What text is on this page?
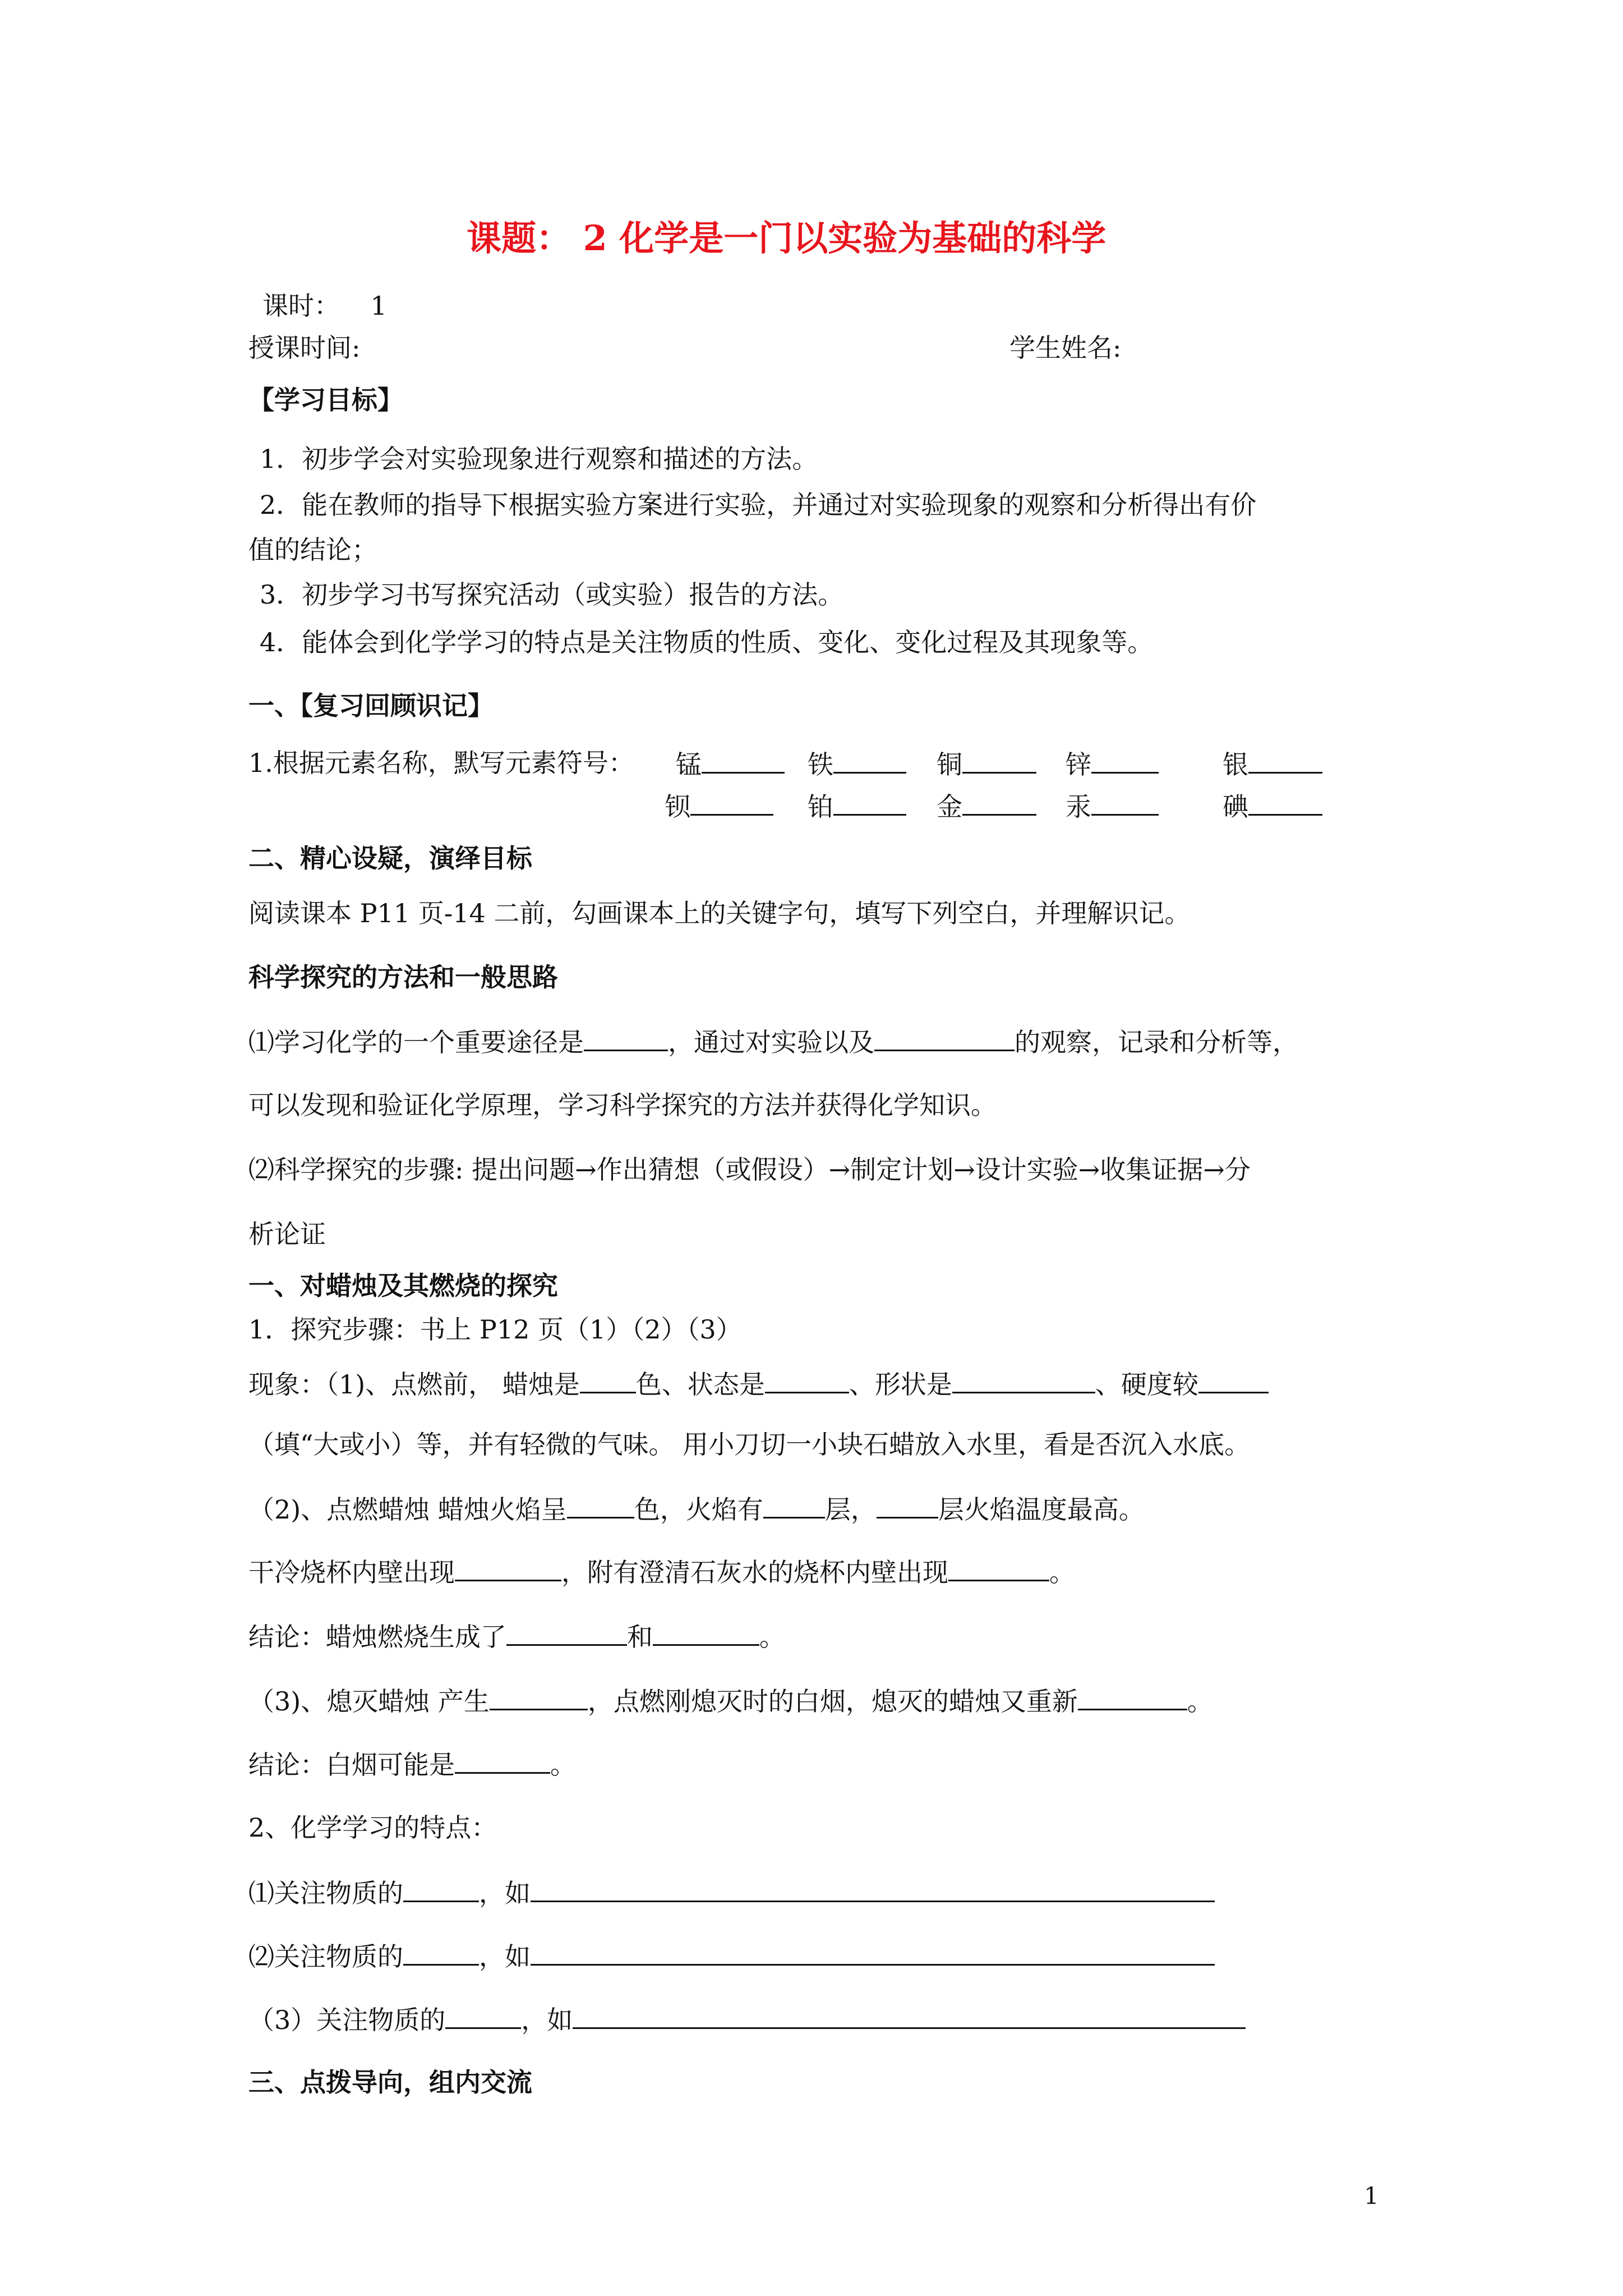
课题： 2 化学是一门以实验为基础的科学
课时： 1
授课时间:	学生姓名:
【学习目标】
1．初步学会对实验现象进行观察和描述的方法。
2．能在教师的指导下根据实验方案进行实验，并通过对实验现象的观察和分析得出有价
值的结论；
3．初步学习书写探究活动（或实验）报告的方法。
4．能体会到化学学习的特点是关注物质的性质、变化、变化过程及其现象等。
一、【复习回顾识记】
1.根据元素名称，默写元素符号： 锰	铁	铜	锌	银
钡	铂	金	汞	碘
二、精心设疑，演绎目标
阅读课本 P11 页-14 二前，勾画课本上的关键字句，填写下列空白，并理解识记。
科学探究的方法和一般思路
⑴学习化学的一个重要途径是	，通过对实验以及	的观察，记录和分析等，
可以发现和验证化学原理，学习科学探究的方法并获得化学知识。
⑵科学探究的步骤: 提出问题→作出猜想（或假设）→制定计划→设计实验→收集证据→分
析论证
一、对蜡烛及其燃烧的探究
1．探究步骤：书上 P12 页（1）（2）（3）
现象：（1)、点燃前， 蜡烛是 色、状态是	、形状是	、硬度较
（填“大或小）等，并有轻微的气味。 用小刀切一小块石蜡放入水里，看是否沉入水底。
（2)、点燃蜡烛 蜡烛火焰呈	色，火焰有 层， 层火焰温度最高。
干冷烧杯内壁出现	，附有澄清石灰水的烧杯内壁出现	。
结论：蜡烛燃烧生成了	和	。
（3)、熄灭蜡烛 产生	，点燃刚熄灭时的白烟，熄灭的蜡烛又重新	。
结论：白烟可能是	。
2、化学学习的特点：
⑴关注物质的	，如
⑵关注物质的	，如
（3）关注物质的	，如
三、点拨导向，组内交流
1
